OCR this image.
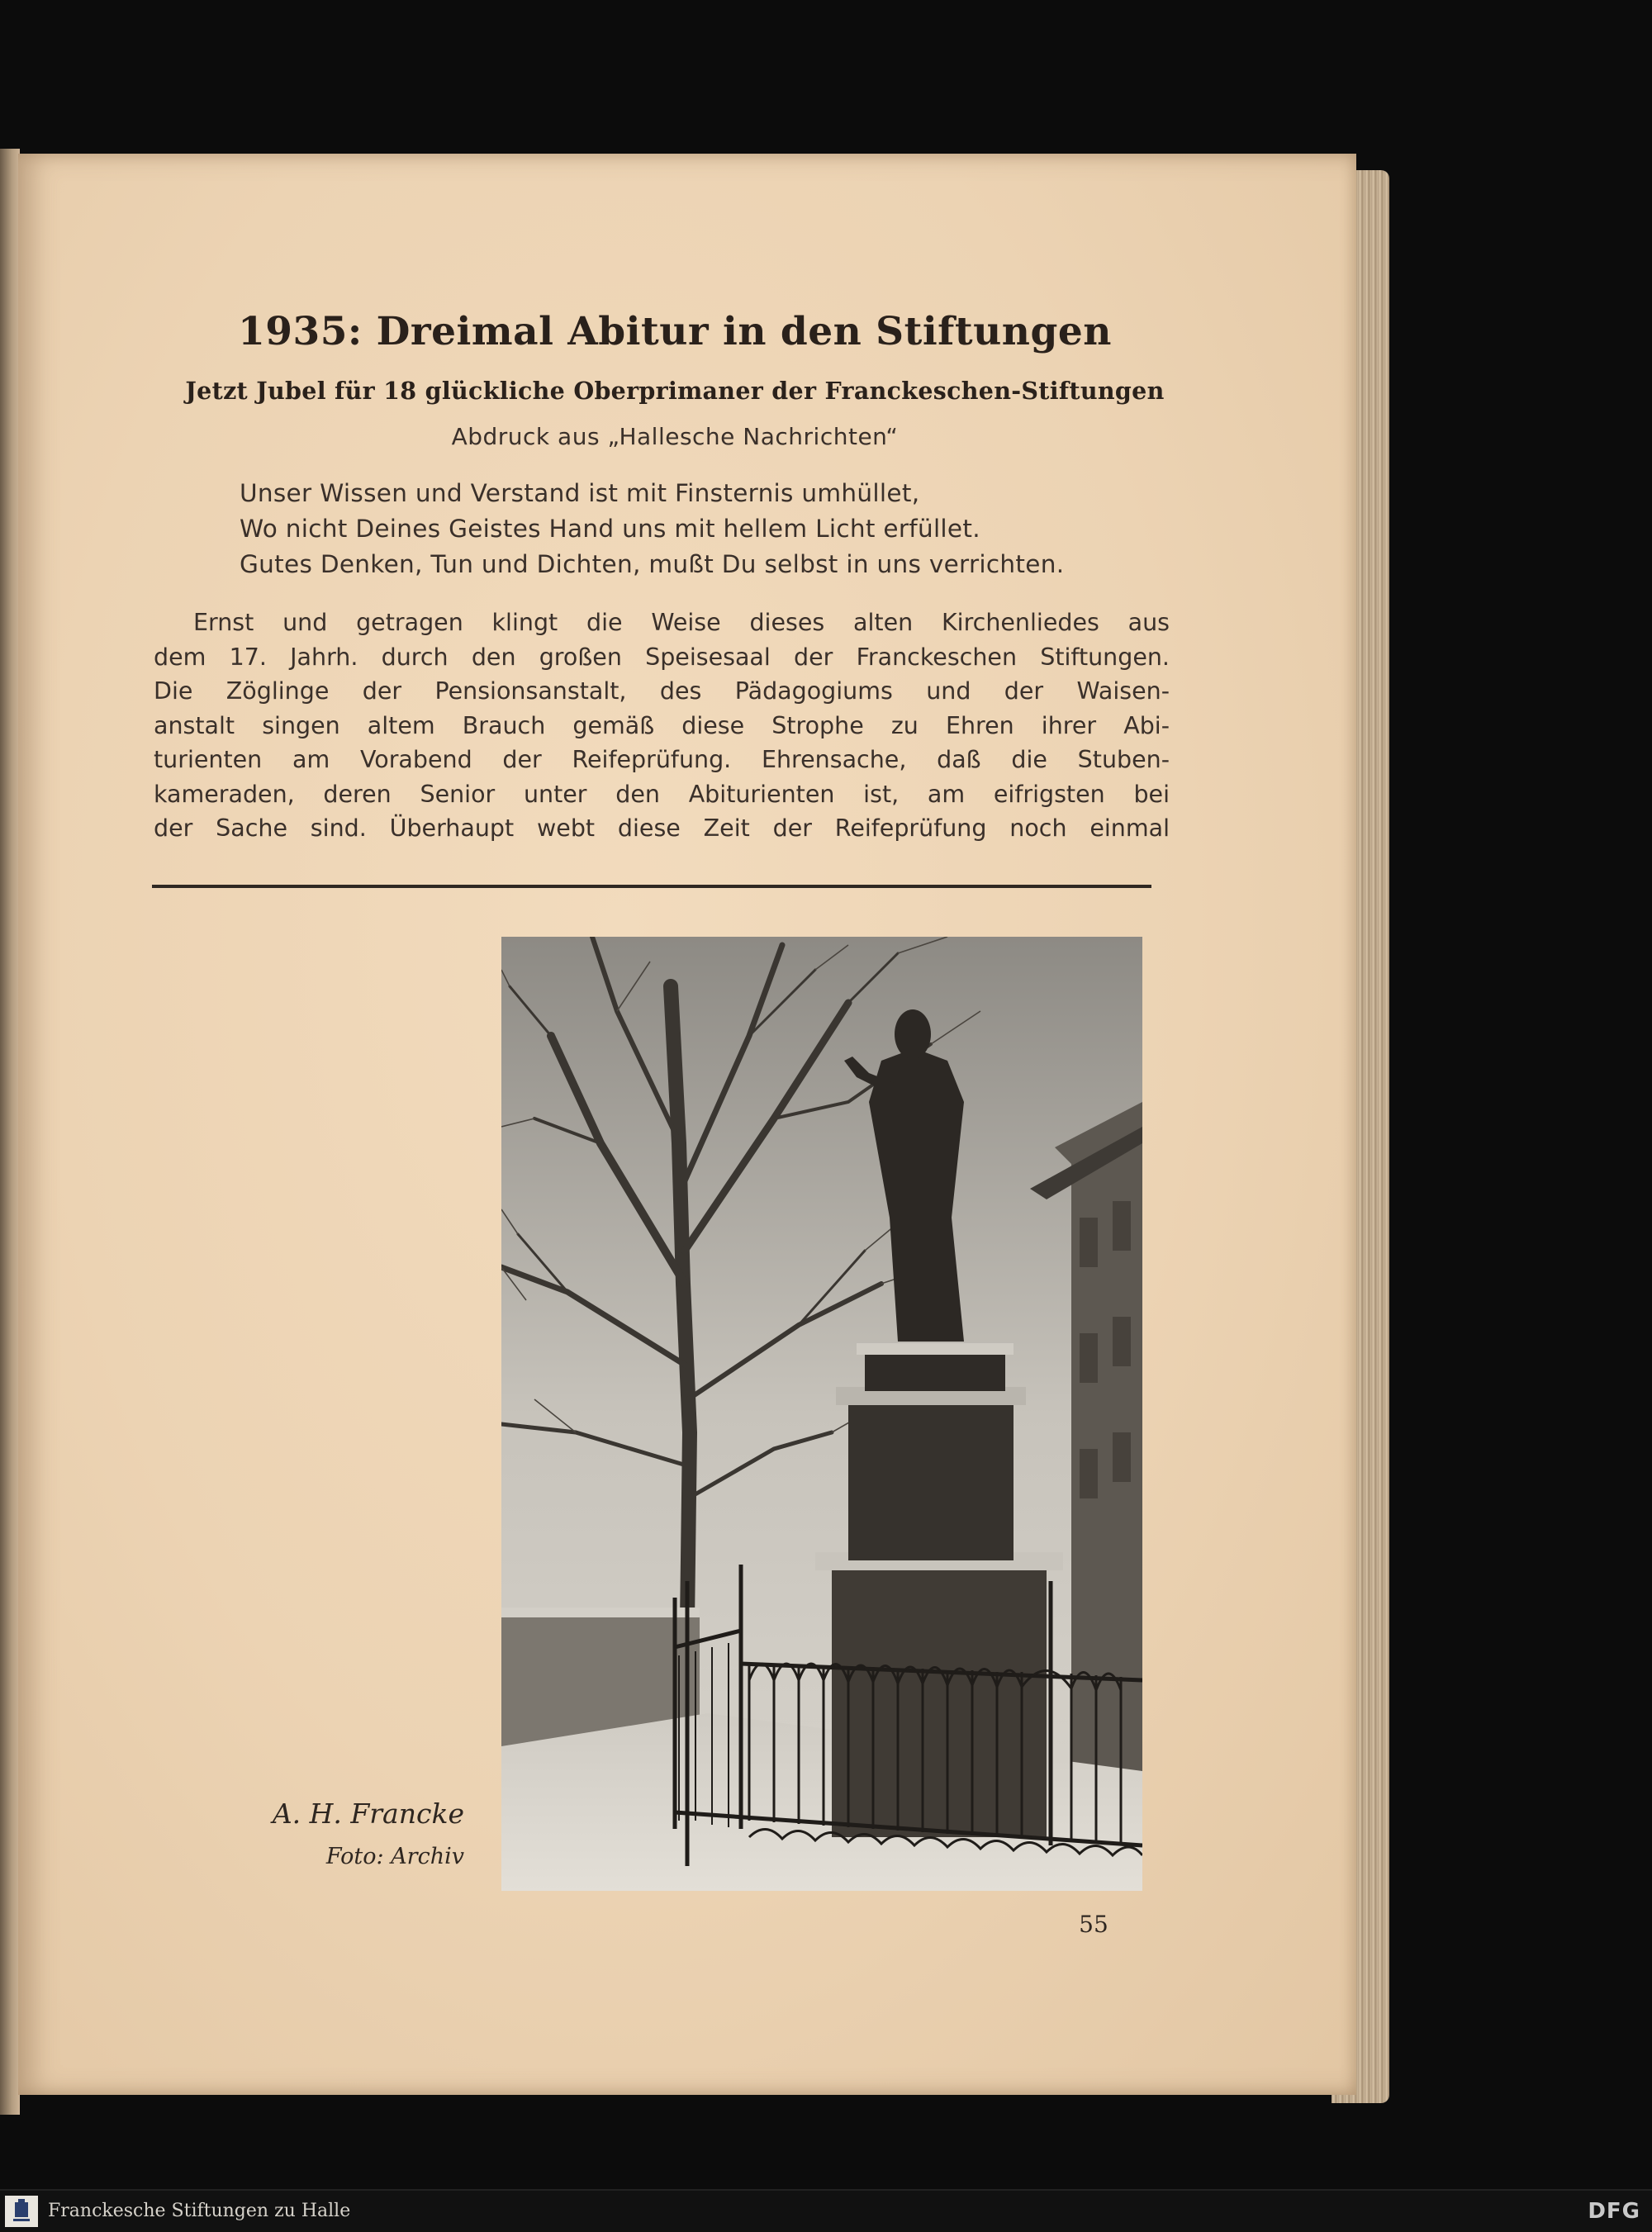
1935: Dreimal Abitur in den Stiftungen
Jetzt Jubel für 18 glückliche Oberprimaner der Franckeschen-Stiftungen
Abdruck aus „Hallesche Nachrichten“
Unser Wissen und Verstand ist mit Finsternis umhüllet,
Wo nicht Deines Geistes Hand uns mit hellem Licht erfüllet.
Gutes Denken, Tun und Dichten, mußt Du selbst in uns verrichten.
Ernst und getragen klingt die Weise dieses alten Kirchenliedes aus
dem 17. Jahrh. durch den großen Speisesaal der Franckeschen Stiftungen.
Die Zöglinge der Pensionsanstalt, des Pädagogiums und der Waisen-
anstalt singen altem Brauch gemäß diese Strophe zu Ehren ihrer Abi-
turienten am Vorabend der Reifeprüfung. Ehrensache, daß die Stuben-
kameraden, deren Senior unter den Abiturienten ist, am eifrigsten bei
der Sache sind. Überhaupt webt diese Zeit der Reifeprüfung noch einmal
A. H. Francke
Foto: Archiv
55
Franckesche Stiftungen zu Halle	DFG
